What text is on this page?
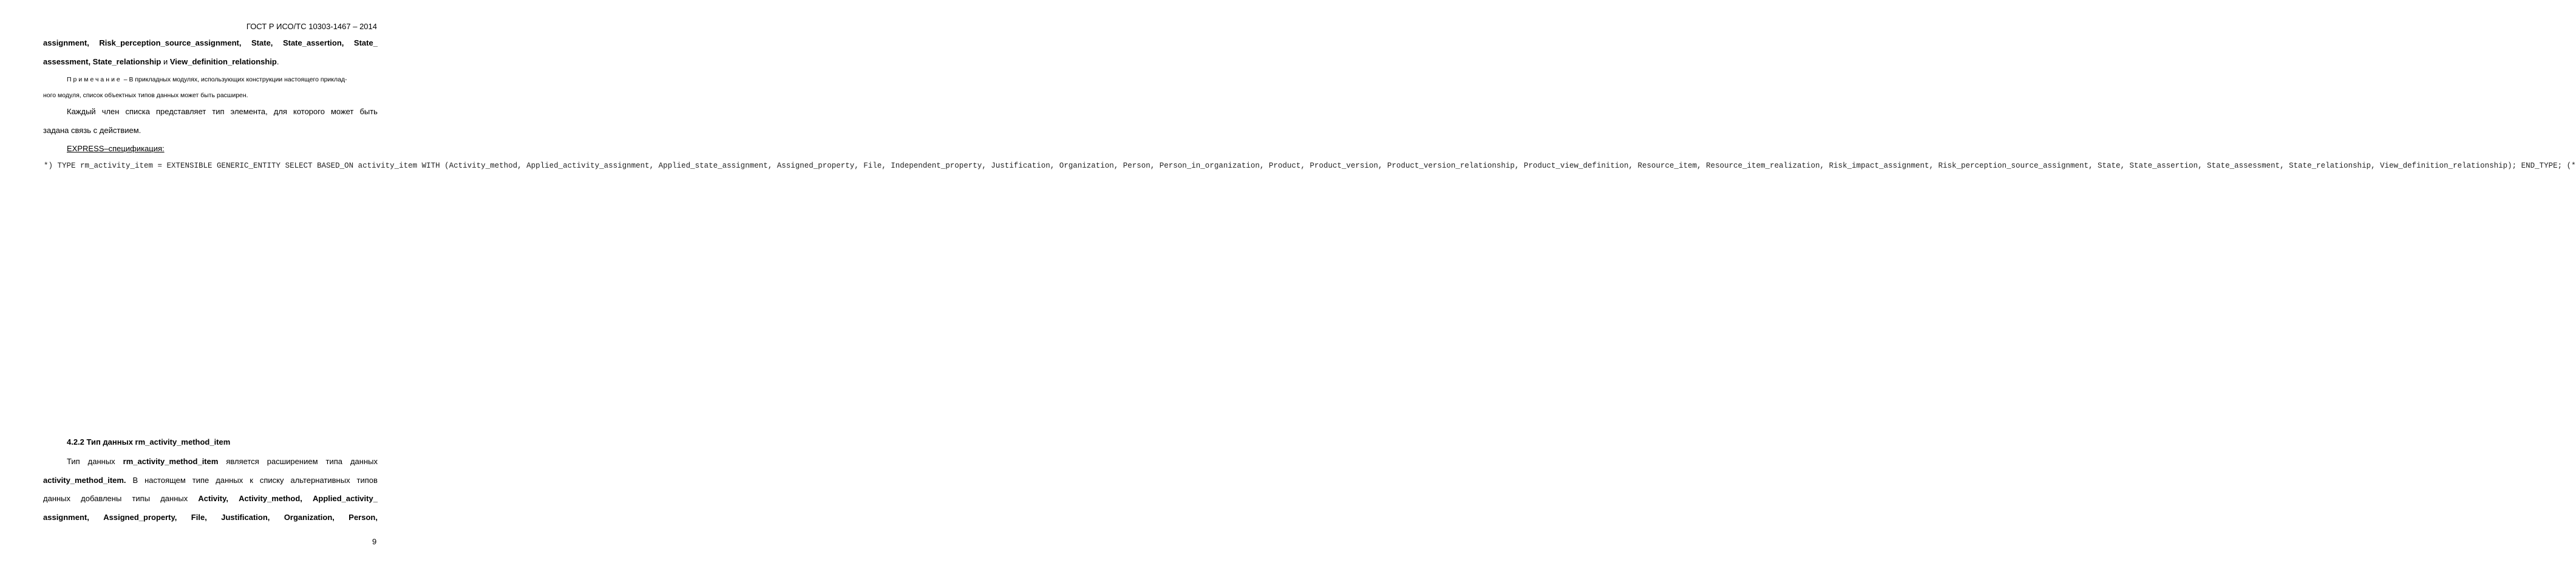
ГОСТ Р ИСО/ТС 10303-1467 – 2014
assignment, Risk_perception_source_assignment, State, State_assertion, State_
assessment, State_relationship и View_definition_relationship.
Примечание – В прикладных модулях, использующих конструкции настоящего приклад-
ного модуля, список объектных типов данных может быть расширен.
Каждый член списка представляет тип элемента, для которого может быть
задана связь с действием.
EXPRESS–спецификация:
*) TYPE rm_activity_item = EXTENSIBLE GENERIC_ENTITY SELECT BASED_ON activity_item WITH (Activity_method, Applied_activity_assignment, Applied_state_assignment, Assigned_property, File, Independent_property, Justification, Organization, Person, Person_in_organization, Product, Product_version, Product_version_relationship, Product_view_definition, Resource_item, Resource_item_realization, Risk_impact_assignment, Risk_perception_source_assignment, State, State_assertion, State_assessment, State_relationship, View_definition_relationship); END_TYPE; (*
4.2.2 Тип данных rm_activity_method_item
Тип данных rm_activity_method_item является расширением типа данных
activity_method_item. В настоящем типе данных к списку альтернативных типов
данных добавлены типы данных Activity, Activity_method, Applied_activity_
assignment, Assigned_property, File, Justification, Organization, Person,
9
